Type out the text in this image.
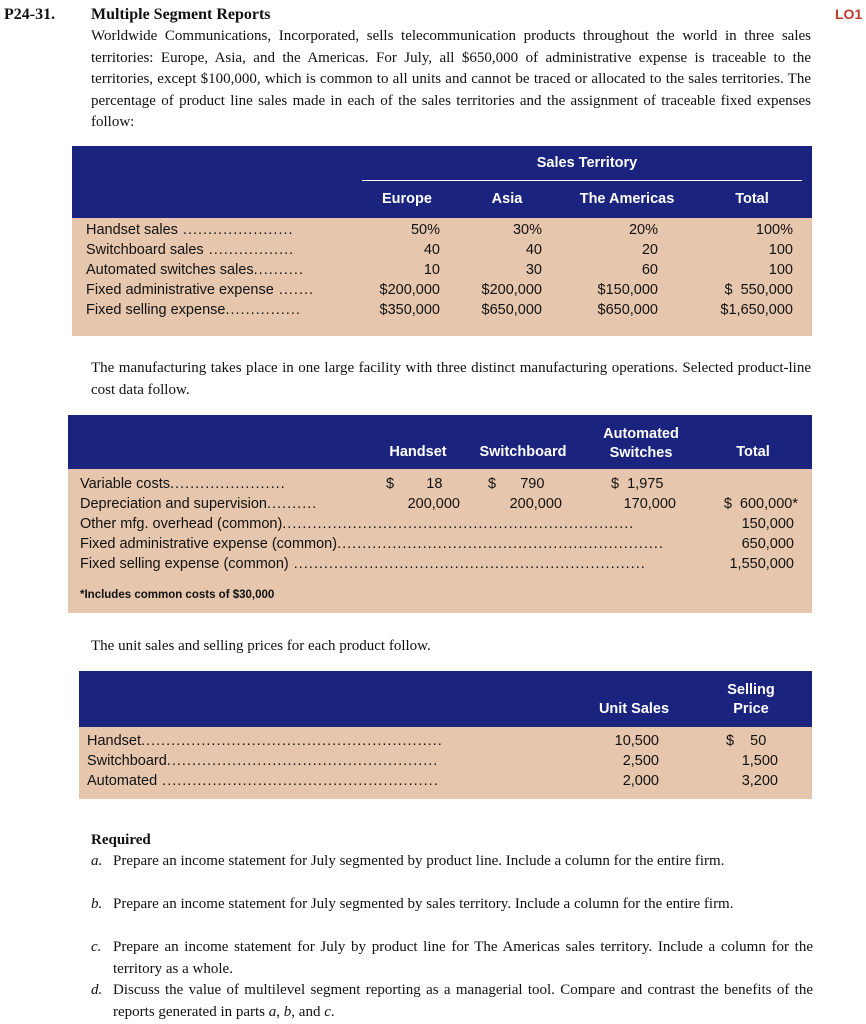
P24-31. Multiple Segment Reports	LO1
Worldwide Communications, Incorporated, sells telecommunication products throughout the world in three sales territories: Europe, Asia, and the Americas. For July, all $650,000 of administrative expense is traceable to the territories, except $100,000, which is common to all units and cannot be traced or allocated to the sales territories. The percentage of product line sales made in each of the sales territories and the assignment of traceable fixed expenses follow:
Sales Territory
Europe	Asia	The Americas	Total
Handset sales ......................	50%	30%	20%	100%
Switchboard sales .................	40	40	20	100
Automated switches sales..........	10	30	60	100
Fixed administrative expense .......	$200,000	$200,000	$150,000	$  550,000
Fixed selling expense...............	$350,000	$650,000	$650,000	$1,650,000
The manufacturing takes place in one large facility with three distinct manufacturing operations. Selected product-line cost data follow.
Handset	Switchboard
Automated Switches	Total
Variable costs.......................	$        18	$      790	$  1,975
Depreciation and supervision..........	200,000	200,000	170,000	$  600,000*
Other mfg. overhead (common)......................................................................	150,000
Fixed administrative expense (common).................................................................	650,000
Fixed selling expense (common) ......................................................................	1,550,000
*Includes common costs of $30,000
The unit sales and selling prices for each product follow.
Unit Sales
Selling Price
Handset............................................................	10,500	$    50
Switchboard......................................................	2,500	1,500
Automated .......................................................	2,000	3,200
Required
a. Prepare an income statement for July segmented by product line. Include a column for the entire firm.
b. Prepare an income statement for July segmented by sales territory. Include a column for the entire firm.
c. Prepare an income statement for July by product line for The Americas sales territory. Include a column for the territory as a whole.
d. Discuss the value of multilevel segment reporting as a managerial tool. Compare and contrast the benefits of the reports generated in parts a, b, and c.
